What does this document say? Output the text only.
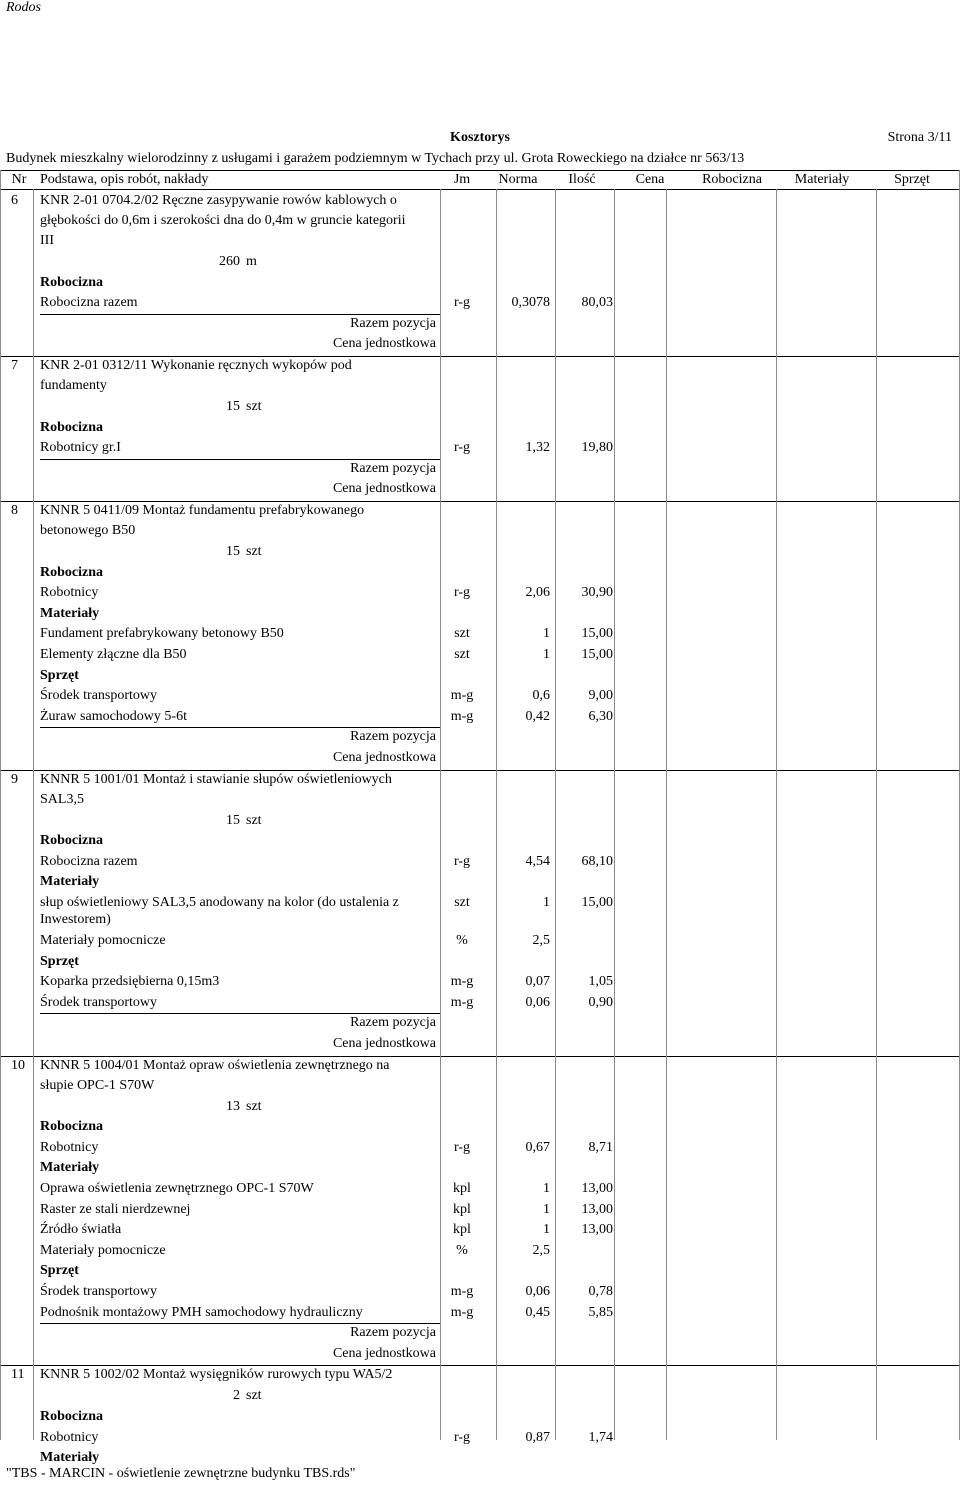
Rodos
Kosztorys	Strona 3/11
Budynek mieszkalny wielorodzinny z usługami i garażem podziemnym w Tychach przy ul. Grota Roweckiego na działce nr 563/13
Nr Podstawa, opis robót, nakłady	Jm Norma Ilość	Cena	Robocizna Materiały	Sprzęt
6 KNR 2-01 0704.2/02 Ręczne zasypywanie rowów kablowych o
głębokości do 0,6m i szerokości dna do 0,4m w gruncie kategorii
III
260 m
Robocizna
Robocizna razem	r-g	0,3078	80,03
Razem pozycja
Cena jednostkowa
7 KNR 2-01 0312/11 Wykonanie ręcznych wykopów pod
fundamenty
15 szt
Robocizna
Robotnicy gr.I	r-g	1,32	19,80
Razem pozycja
Cena jednostkowa
8 KNNR 5 0411/09 Montaż fundamentu prefabrykowanego
betonowego B50
15 szt
Robocizna
Robotnicy	r-g	2,06	30,90
Materiały
Fundament prefabrykowany betonowy B50	szt	1	15,00
Elementy złączne dla B50	szt	1	15,00
Sprzęt
Środek transportowy	m-g	0,6	9,00
Żuraw samochodowy 5-6t	m-g	0,42	6,30
Razem pozycja
Cena jednostkowa
9 KNNR 5 1001/01 Montaż i stawianie słupów oświetleniowych
SAL3,5
15 szt
Robocizna
Robocizna razem	r-g	4,54	68,10
Materiały
słup oświetleniowy SAL3,5 anodowany na kolor (do ustalenia z
Inwestorem)
szt	1	15,00
Materiały pomocnicze	%	2,5
Sprzęt
Koparka przedsiębierna 0,15m3	m-g	0,07	1,05
Środek transportowy	m-g	0,06	0,90
Razem pozycja
Cena jednostkowa
10 KNNR 5 1004/01 Montaż opraw oświetlenia zewnętrznego na
słupie OPC-1 S70W
13 szt
Robocizna
Robotnicy	r-g	0,67	8,71
Materiały
Oprawa oświetlenia zewnętrznego OPC-1 S70W	kpl	1	13,00
Raster ze stali nierdzewnej	kpl	1	13,00
Źródło światła	kpl	1	13,00
Materiały pomocnicze	%	2,5
Sprzęt
Środek transportowy	m-g	0,06	0,78
Podnośnik montażowy PMH samochodowy hydrauliczny	m-g	0,45	5,85
Razem pozycja
Cena jednostkowa
11 KNNR 5 1002/02 Montaż wysięgników rurowych typu WA5/2
2 szt
Robocizna
Robotnicy	r-g	0,87	1,74
Materiały
"TBS - MARCIN - oświetlenie zewnętrzne budynku TBS.rds"
